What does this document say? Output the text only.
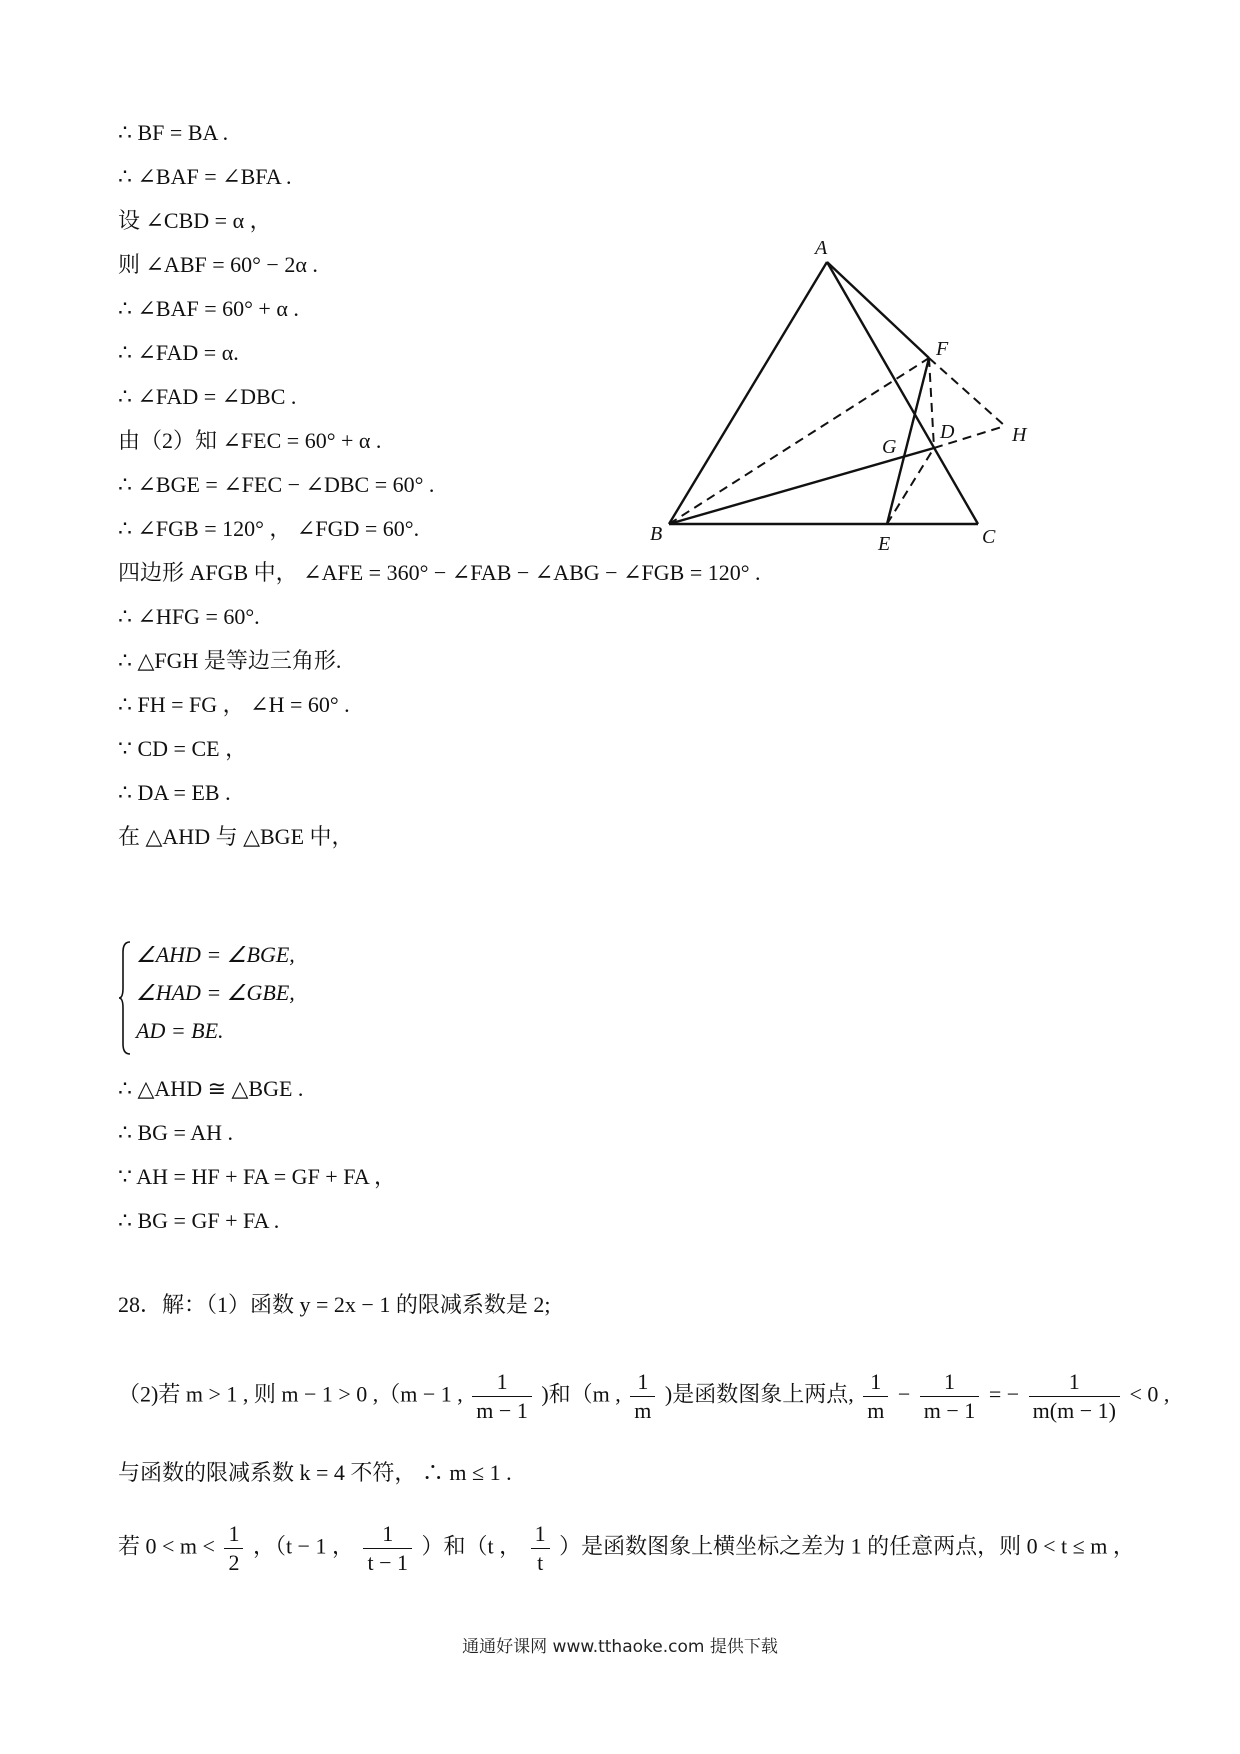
∴ BF = BA .
∴ ∠BAF = ∠BFA .
设 ∠CBD = α ，
则 ∠ABF = 60° − 2α .
∴ ∠BAF = 60° + α .
∴ ∠FAD = α.
∴ ∠FAD = ∠DBC .
由（2）知 ∠FEC = 60° + α .
∴ ∠BGE = ∠FEC − ∠DBC = 60° .
∴ ∠FGB = 120° ， ∠FGD = 60°.
四边形 AFGB 中， ∠AFE = 360° − ∠FAB − ∠ABG − ∠FGB = 120° .
∴ ∠HFG = 60°.
∴ △FGH 是等边三角形.
∴ FH = FG ， ∠H = 60° .
∵ CD = CE ，
∴ DA = EB .
在 △AHD 与 △BGE 中，
∠AHD = ∠BGE,
∠HAD = ∠GBE,
AD = BE.
∴ △AHD ≅ △BGE .
∴ BG = AH .
∵ AH = HF + FA = GF + FA ，
∴ BG = GF + FA .
28．解：（1）函数 y = 2x − 1 的限减系数是 2;
（2)若 m > 1 , 则 m − 1 > 0 ,（m − 1 , $\frac{1}{m - 1}$ )和（m , $\frac{1}{m}$ )是函数图象上两点, $\frac{1}{m} - \frac{1}{m - 1}$ = − $\frac{1}{m(m - 1)} < 0$ ,
与函数的限减系数 k = 4 不符， ∴ m ≤ 1 .
若 $0 < m < \frac{1}{2}$ ，（t − 1 ， $\frac{1}{t - 1}$ ）和（t ， $\frac{1}{t}$ ）是函数图象上横坐标之差为 1 的任意两点，则 0 < t ≤ m ，
A
B	C
D
E
F
G
H
通通好课网 www.tthaoke.com 提供下载
